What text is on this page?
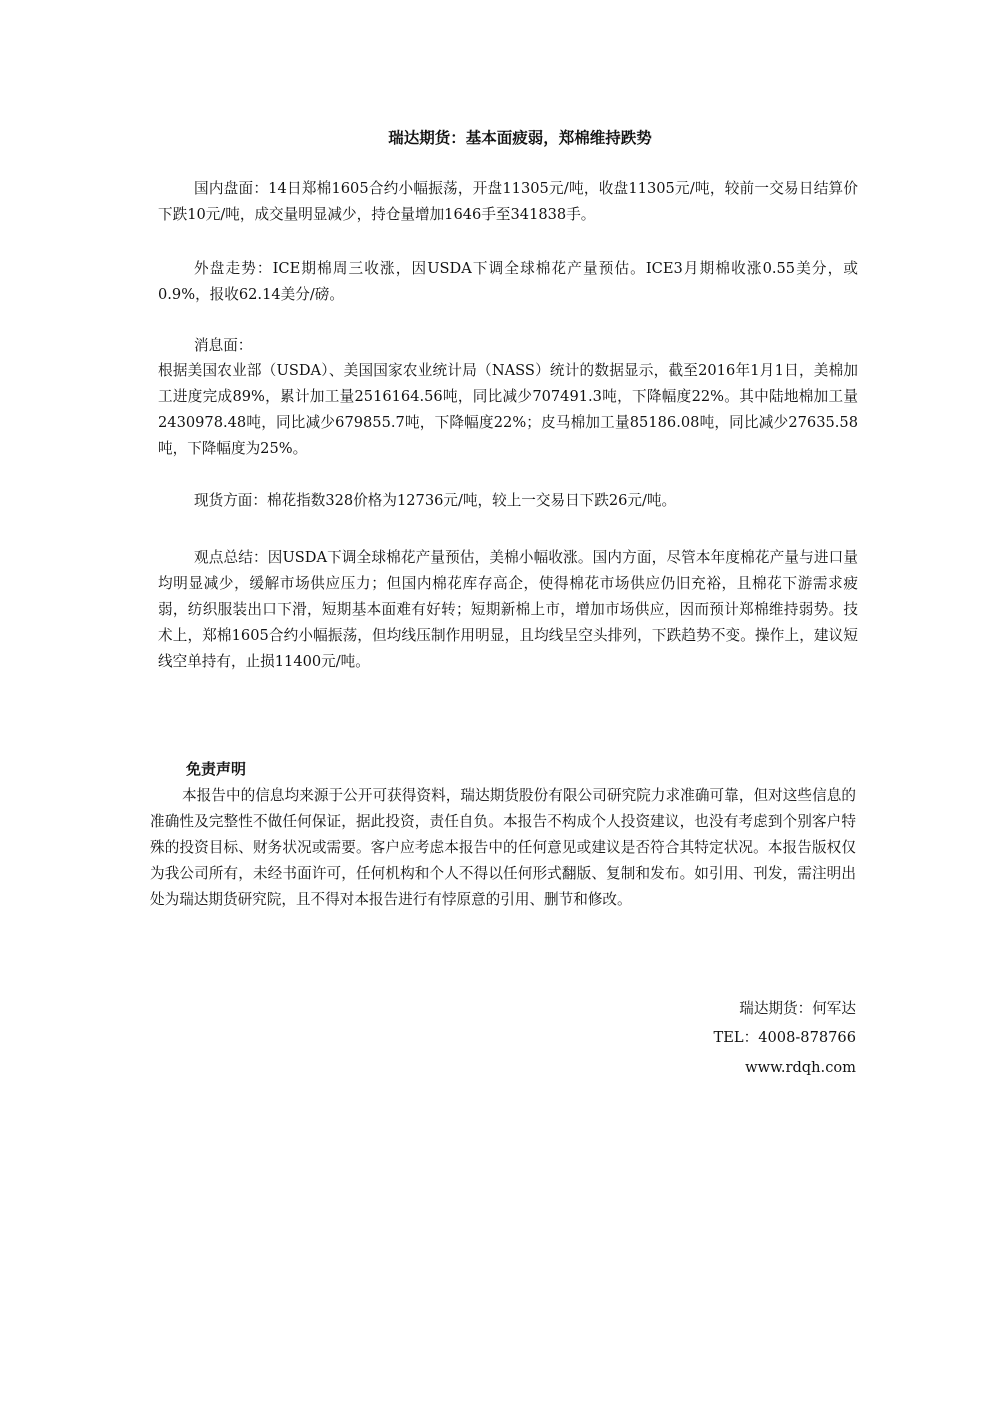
瑞达期货：基本面疲弱，郑棉维持跌势
国内盘面：14日郑棉1605合约小幅振荡，开盘11305元/吨，收盘11305元/吨，较前一交易日结算价下跌10元/吨，成交量明显减少，持仓量增加1646手至341838手。
外盘走势：ICE期棉周三收涨，因USDA下调全球棉花产量预估。ICE3月期棉收涨0.55美分，或0.9%，报收62.14美分/磅。
消息面：
根据美国农业部（USDA）、美国国家农业统计局（NASS）统计的数据显示，截至2016年1月1日，美棉加工进度完成89%，累计加工量2516164.56吨，同比减少707491.3吨，下降幅度22%。其中陆地棉加工量2430978.48吨，同比减少679855.7吨，下降幅度22%；皮马棉加工量85186.08吨，同比减少27635.58吨，下降幅度为25%。
现货方面：棉花指数328价格为12736元/吨，较上一交易日下跌26元/吨。
观点总结：因USDA下调全球棉花产量预估，美棉小幅收涨。国内方面，尽管本年度棉花产量与进口量均明显减少，缓解市场供应压力；但国内棉花库存高企，使得棉花市场供应仍旧充裕，且棉花下游需求疲弱，纺织服装出口下滑，短期基本面难有好转；短期新棉上市，增加市场供应，因而预计郑棉维持弱势。技术上，郑棉1605合约小幅振荡，但均线压制作用明显，且均线呈空头排列，下跌趋势不变。操作上，建议短线空单持有，止损11400元/吨。
免责声明
本报告中的信息均来源于公开可获得资料，瑞达期货股份有限公司研究院力求准确可靠，但对这些信息的准确性及完整性不做任何保证，据此投资，责任自负。本报告不构成个人投资建议，也没有考虑到个别客户特殊的投资目标、财务状况或需要。客户应考虑本报告中的任何意见或建议是否符合其特定状况。本报告版权仅为我公司所有，未经书面许可，任何机构和个人不得以任何形式翻版、复制和发布。如引用、刊发，需注明出处为瑞达期货研究院，且不得对本报告进行有悖原意的引用、删节和修改。
瑞达期货：何军达
TEL：4008-878766
www.rdqh.com
